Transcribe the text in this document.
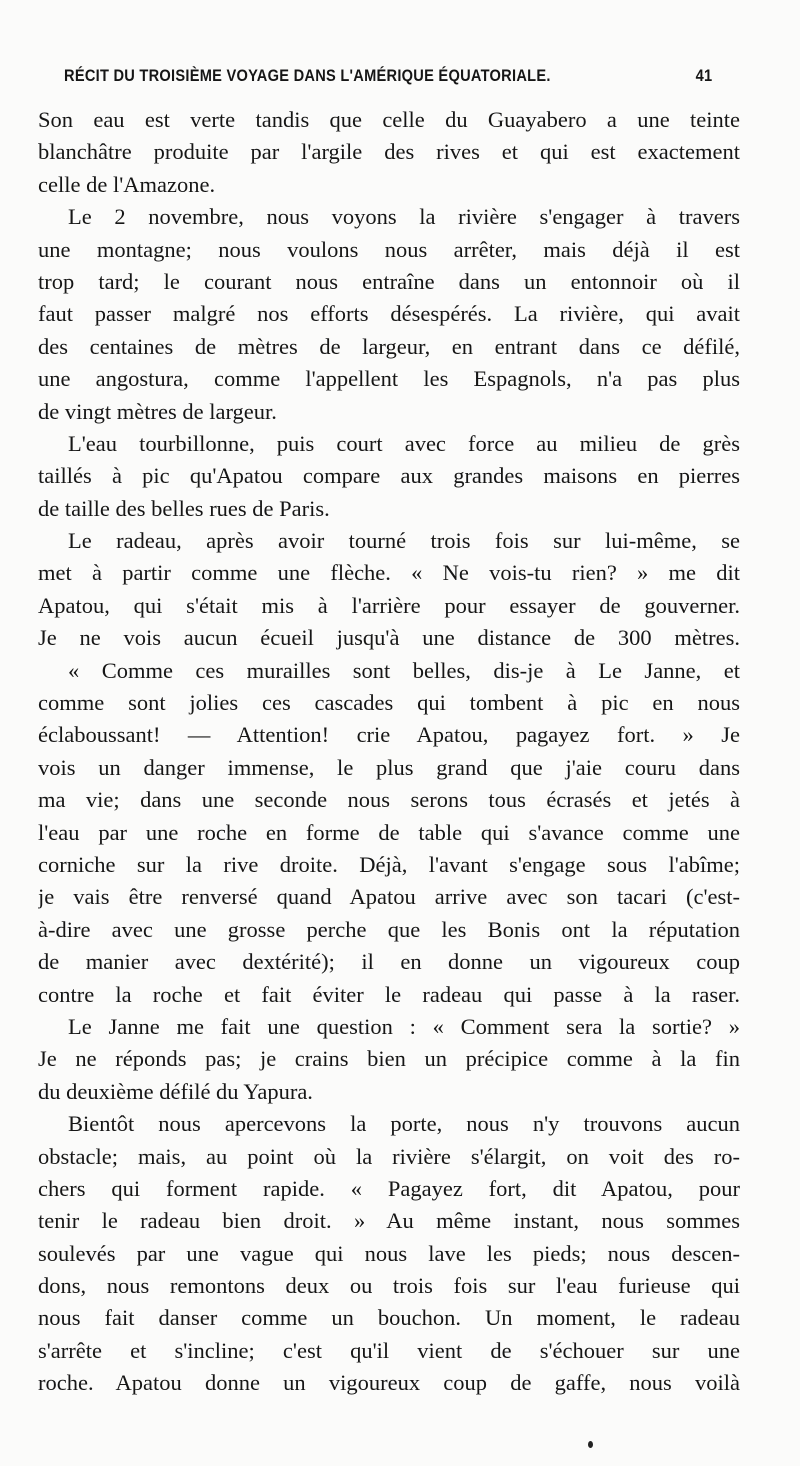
RÉCIT DU TROISIÈME VOYAGE DANS L'AMÉRIQUE ÉQUATORIALE.	41
Son eau est verte tandis que celle du Guayabero a une teinte
blanchâtre produite par l'argile des rives et qui est exactement
celle de l'Amazone.
Le 2 novembre, nous voyons la rivière s'engager à travers
une montagne; nous voulons nous arrêter, mais déjà il est
trop tard; le courant nous entraîne dans un entonnoir où il
faut passer malgré nos efforts désespérés. La rivière, qui avait
des centaines de mètres de largeur, en entrant dans ce défilé,
une angostura, comme l'appellent les Espagnols, n'a pas plus
de vingt mètres de largeur.
L'eau tourbillonne, puis court avec force au milieu de grès
taillés à pic qu'Apatou compare aux grandes maisons en pierres
de taille des belles rues de Paris.
Le radeau, après avoir tourné trois fois sur lui-même, se
met à partir comme une flèche. « Ne vois-tu rien? » me dit
Apatou, qui s'était mis à l'arrière pour essayer de gouverner.
Je ne vois aucun écueil jusqu'à une distance de 300 mètres.
« Comme ces murailles sont belles, dis-je à Le Janne, et
comme sont jolies ces cascades qui tombent à pic en nous
éclaboussant! — Attention! crie Apatou, pagayez fort. » Je
vois un danger immense, le plus grand que j'aie couru dans
ma vie; dans une seconde nous serons tous écrasés et jetés à
l'eau par une roche en forme de table qui s'avance comme une
corniche sur la rive droite. Déjà, l'avant s'engage sous l'abîme;
je vais être renversé quand Apatou arrive avec son tacari (c'est-
à-dire avec une grosse perche que les Bonis ont la réputation
de manier avec dextérité); il en donne un vigoureux coup
contre la roche et fait éviter le radeau qui passe à la raser.
Le Janne me fait une question : « Comment sera la sortie? »
Je ne réponds pas; je crains bien un précipice comme à la fin
du deuxième défilé du Yapura.
Bientôt nous apercevons la porte, nous n'y trouvons aucun
obstacle; mais, au point où la rivière s'élargit, on voit des ro-
chers qui forment rapide. « Pagayez fort, dit Apatou, pour
tenir le radeau bien droit. » Au même instant, nous sommes
soulevés par une vague qui nous lave les pieds; nous descen-
dons, nous remontons deux ou trois fois sur l'eau furieuse qui
nous fait danser comme un bouchon. Un moment, le radeau
s'arrête et s'incline; c'est qu'il vient de s'échouer sur une
roche. Apatou donne un vigoureux coup de gaffe, nous voilà
